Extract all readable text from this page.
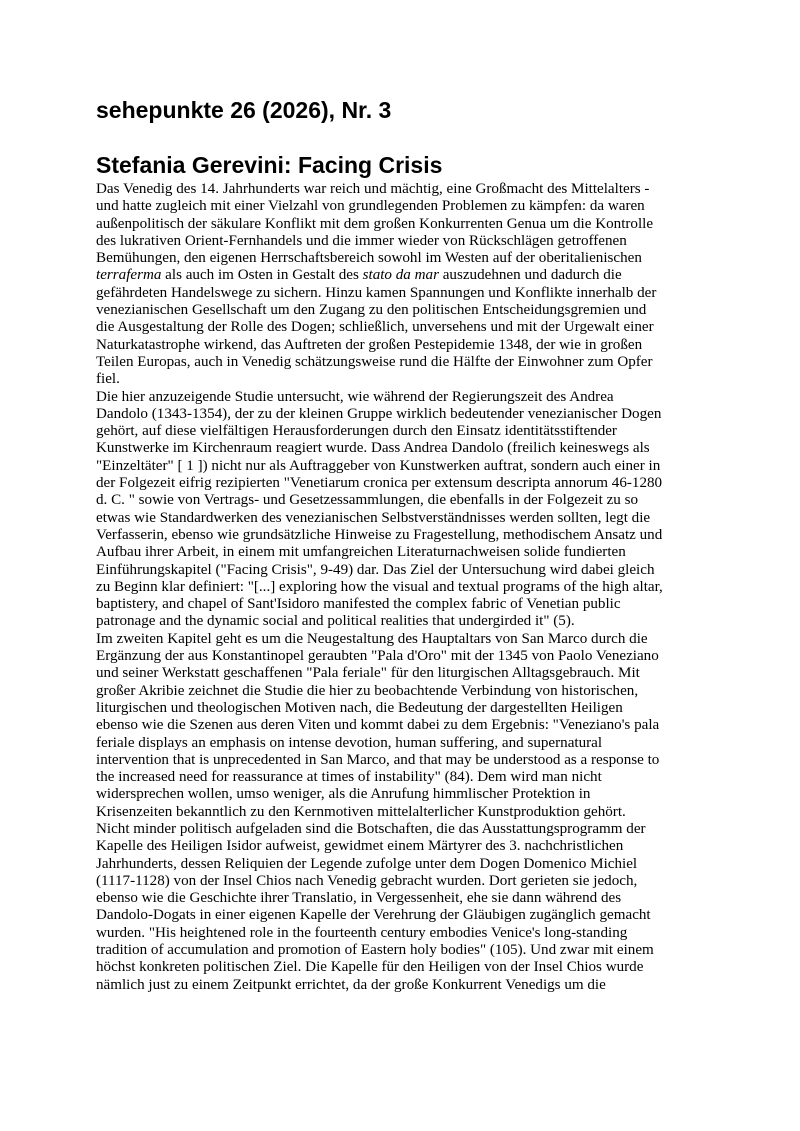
sehepunkte 26 (2026), Nr. 3
Stefania Gerevini: Facing Crisis
Das Venedig des 14. Jahrhunderts war reich und mächtig, eine Großmacht des Mittelalters -
und hatte zugleich mit einer Vielzahl von grundlegenden Problemen zu kämpfen: da waren
außenpolitisch der säkulare Konflikt mit dem großen Konkurrenten Genua um die Kontrolle
des lukrativen Orient-Fernhandels und die immer wieder von Rückschlägen getroffenen
Bemühungen, den eigenen Herrschaftsbereich sowohl im Westen auf der oberitalienischen
terraferma als auch im Osten in Gestalt des stato da mar auszudehnen und dadurch die
gefährdeten Handelswege zu sichern. Hinzu kamen Spannungen und Konflikte innerhalb der
venezianischen Gesellschaft um den Zugang zu den politischen Entscheidungsgremien und
die Ausgestaltung der Rolle des Dogen; schließlich, unversehens und mit der Urgewalt einer
Naturkatastrophe wirkend, das Auftreten der großen Pestepidemie 1348, der wie in großen
Teilen Europas, auch in Venedig schätzungsweise rund die Hälfte der Einwohner zum Opfer
fiel.
Die hier anzuzeigende Studie untersucht, wie während der Regierungszeit des Andrea
Dandolo (1343-1354), der zu der kleinen Gruppe wirklich bedeutender venezianischer Dogen
gehört, auf diese vielfältigen Herausforderungen durch den Einsatz identitätsstiftender
Kunstwerke im Kirchenraum reagiert wurde. Dass Andrea Dandolo (freilich keineswegs als
"Einzeltäter" [ 1 ]) nicht nur als Auftraggeber von Kunstwerken auftrat, sondern auch einer in
der Folgezeit eifrig rezipierten "Venetiarum cronica per extensum descripta annorum 46-1280
d. C. " sowie von Vertrags- und Gesetzessammlungen, die ebenfalls in der Folgezeit zu so
etwas wie Standardwerken des venezianischen Selbstverständnisses werden sollten, legt die
Verfasserin, ebenso wie grundsätzliche Hinweise zu Fragestellung, methodischem Ansatz und
Aufbau ihrer Arbeit, in einem mit umfangreichen Literaturnachweisen solide fundierten
Einführungskapitel ("Facing Crisis", 9-49) dar. Das Ziel der Untersuchung wird dabei gleich
zu Beginn klar definiert: "[...] exploring how the visual and textual programs of the high altar,
baptistery, and chapel of Sant'Isidoro manifested the complex fabric of Venetian public
patronage and the dynamic social and political realities that undergirded it" (5).
Im zweiten Kapitel geht es um die Neugestaltung des Hauptaltars von San Marco durch die
Ergänzung der aus Konstantinopel geraubten "Pala d'Oro" mit der 1345 von Paolo Veneziano
und seiner Werkstatt geschaffenen "Pala feriale" für den liturgischen Alltagsgebrauch. Mit
großer Akribie zeichnet die Studie die hier zu beobachtende Verbindung von historischen,
liturgischen und theologischen Motiven nach, die Bedeutung der dargestellten Heiligen
ebenso wie die Szenen aus deren Viten und kommt dabei zu dem Ergebnis: "Veneziano's pala
feriale displays an emphasis on intense devotion, human suffering, and supernatural
intervention that is unprecedented in San Marco, and that may be understood as a response to
the increased need for reassurance at times of instability" (84). Dem wird man nicht
widersprechen wollen, umso weniger, als die Anrufung himmlischer Protektion in
Krisenzeiten bekanntlich zu den Kernmotiven mittelalterlicher Kunstproduktion gehört.
Nicht minder politisch aufgeladen sind die Botschaften, die das Ausstattungsprogramm der
Kapelle des Heiligen Isidor aufweist, gewidmet einem Märtyrer des 3. nachchristlichen
Jahrhunderts, dessen Reliquien der Legende zufolge unter dem Dogen Domenico Michiel
(1117-1128) von der Insel Chios nach Venedig gebracht wurden. Dort gerieten sie jedoch,
ebenso wie die Geschichte ihrer Translatio, in Vergessenheit, ehe sie dann während des
Dandolo-Dogats in einer eigenen Kapelle der Verehrung der Gläubigen zugänglich gemacht
wurden. "His heightened role in the fourteenth century embodies Venice's long-standing
tradition of accumulation and promotion of Eastern holy bodies" (105). Und zwar mit einem
höchst konkreten politischen Ziel. Die Kapelle für den Heiligen von der Insel Chios wurde
nämlich just zu einem Zeitpunkt errichtet, da der große Konkurrent Venedigs um die
